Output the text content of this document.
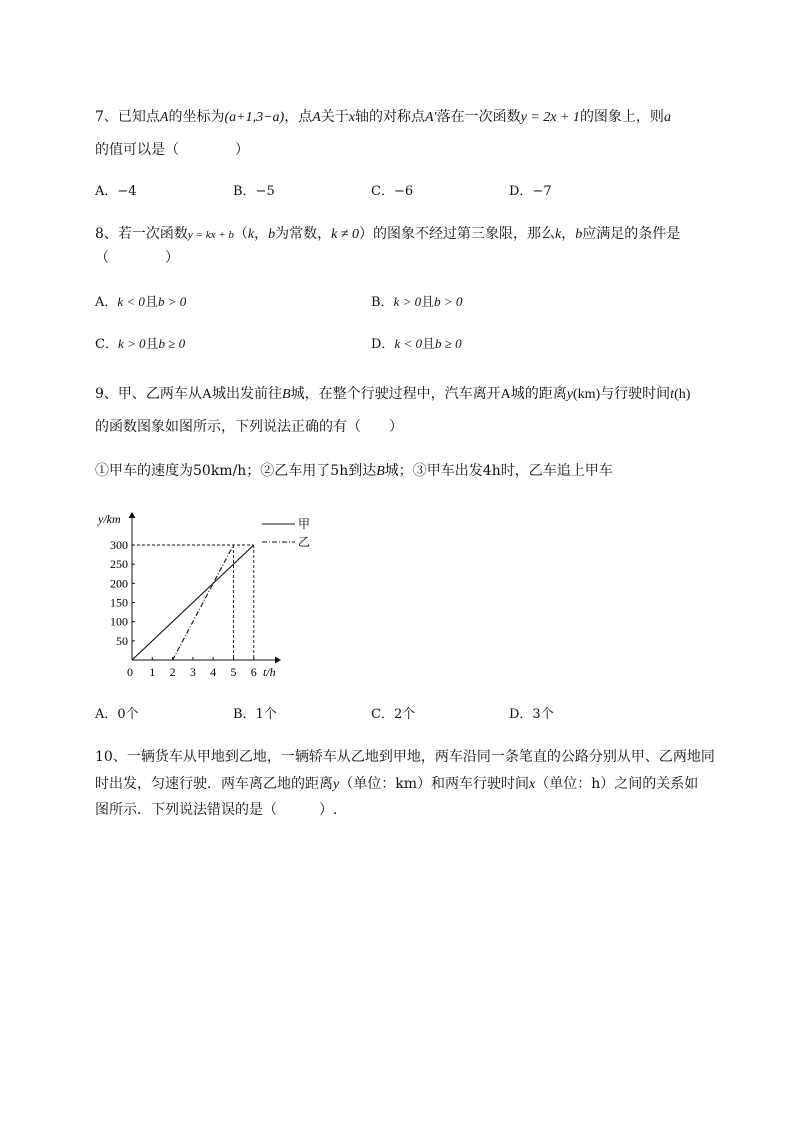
7、已知点A的坐标为(a+1,3−a)，点A关于x轴的对称点A′落在一次函数y = 2x + 1的图象上，则a
的值可以是（　　　　）
A．−4	B．−5	C．−6	D．−7
8、若一次函数y = kx + b（k，b为常数，k ≠ 0）的图象不经过第三象限，那么k，b应满足的条件是
（　　　　）
A．k < 0且b > 0	B．k > 0且b > 0
C．k > 0且b ≥ 0	D．k < 0且b ≥ 0
9、甲、乙两车从A城出发前往B城，在整个行驶过程中，汽车离开A城的距离y(km)与行驶时间t(h)
的函数图象如图所示，下列说法正确的有（　　）
①甲车的速度为50km/h；②乙车用了5h到达B城；③甲车出发4h时，乙车追上甲车
0 1 2 3 4 5 6
50
100
150
200
250
300
y/km
t/h
甲
乙
A．0个	B．1个	C．2个	D．3个
10、一辆货车从甲地到乙地，一辆轿车从乙地到甲地，两车沿同一条笔直的公路分别从甲、乙两地同
时出发，匀速行驶．两车离乙地的距离y（单位：km）和两车行驶时间x（单位：h）之间的关系如
图所示．下列说法错误的是（　　　）.
